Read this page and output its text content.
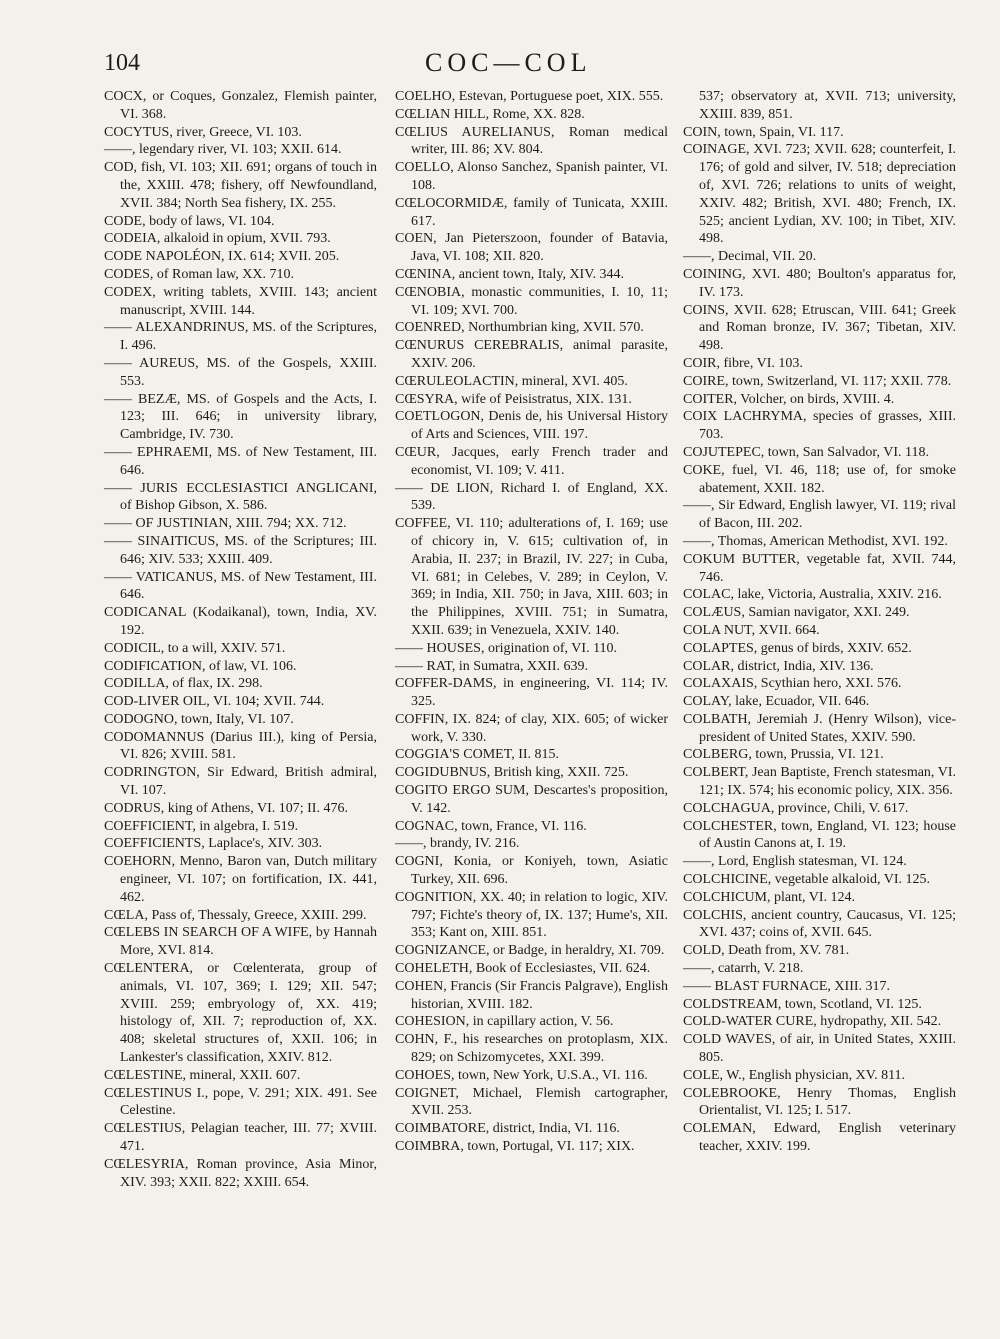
104	COC—COL

COCX, or Coques, Gonzalez, Flemish painter, VI. 368.

COCYTUS, river, Greece, VI. 103.

——, legendary river, VI. 103; XXII. 614.

COD, fish, VI. 103; XII. 691; organs of touch in the, XXIII. 478; fishery, off Newfoundland, XVII. 384; North Sea fishery, IX. 255.

CODE, body of laws, VI. 104.

CODEIA, alkaloid in opium, XVII. 793.

CODE NAPOLÉON, IX. 614; XVII. 205.

CODES, of Roman law, XX. 710.

CODEX, writing tablets, XVIII. 143; ancient manuscript, XVIII. 144.

—— ALEXANDRINUS, MS. of the Scriptures, I. 496.

—— AUREUS, MS. of the Gospels, XXIII. 553.

—— BEZÆ, MS. of Gospels and the Acts, I. 123; III. 646; in university library, Cambridge, IV. 730.

—— EPHRAEMI, MS. of New Testament, III. 646.

—— JURIS ECCLESIASTICI ANGLICANI, of Bishop Gibson, X. 586.

—— OF JUSTINIAN, XIII. 794; XX. 712.

—— SINAITICUS, MS. of the Scriptures; III. 646; XIV. 533; XXIII. 409.

—— VATICANUS, MS. of New Testament, III. 646.

CODICANAL (Kodaikanal), town, India, XV. 192.

CODICIL, to a will, XXIV. 571.

CODIFICATION, of law, VI. 106.

CODILLA, of flax, IX. 298.

COD-LIVER OIL, VI. 104; XVII. 744.

CODOGNO, town, Italy, VI. 107.

CODOMANNUS (Darius III.), king of Persia, VI. 826; XVIII. 581.

CODRINGTON, Sir Edward, British admiral, VI. 107.

CODRUS, king of Athens, VI. 107; II. 476.

COEFFICIENT, in algebra, I. 519.

COEFFICIENTS, Laplace's, XIV. 303.

COEHORN, Menno, Baron van, Dutch military engineer, VI. 107; on fortification, IX. 441, 462.

CŒLA, Pass of, Thessaly, Greece, XXIII. 299.

CŒLEBS IN SEARCH OF A WIFE, by Hannah More, XVI. 814.

CŒLENTERA, or Cœlenterata, group of animals, VI. 107, 369; I. 129; XII. 547; XVIII. 259; embryology of, XX. 419; histology of, XII. 7; reproduction of, XX. 408; skeletal structures of, XXII. 106; in Lankester's classification, XXIV. 812.

CŒLESTINE, mineral, XXII. 607.

CŒLESTINUS I., pope, V. 291; XIX. 491. See Celestine.

CŒLESTIUS, Pelagian teacher, III. 77; XVIII. 471.

CŒLESYRIA, Roman province, Asia Minor, XIV. 393; XXII. 822; XXIII. 654.

COELHO, Estevan, Portuguese poet, XIX. 555.

CŒLIAN HILL, Rome, XX. 828.

CŒLIUS AURELIANUS, Roman medical writer, III. 86; XV. 804.

COELLO, Alonso Sanchez, Spanish painter, VI. 108.

CŒLOCORMIDÆ, family of Tunicata, XXIII. 617.

COEN, Jan Pieterszoon, founder of Batavia, Java, VI. 108; XII. 820.

CŒNINA, ancient town, Italy, XIV. 344.

CŒNOBIA, monastic communities, I. 10, 11; VI. 109; XVI. 700.

COENRED, Northumbrian king, XVII. 570.

CŒNURUS CEREBRALIS, animal parasite, XXIV. 206.

CŒRULEOLACTIN, mineral, XVI. 405.

CŒSYRA, wife of Peisistratus, XIX. 131.

COETLOGON, Denis de, his Universal History of Arts and Sciences, VIII. 197.

CŒUR, Jacques, early French trader and economist, VI. 109; V. 411.

—— DE LION, Richard I. of England, XX. 539.

COFFEE, VI. 110; adulterations of, I. 169; use of chicory in, V. 615; cultivation of, in Arabia, II. 237; in Brazil, IV. 227; in Cuba, VI. 681; in Celebes, V. 289; in Ceylon, V. 369; in India, XII. 750; in Java, XIII. 603; in the Philippines, XVIII. 751; in Sumatra, XXII. 639; in Venezuela, XXIV. 140.

—— HOUSES, origination of, VI. 110.

—— RAT, in Sumatra, XXII. 639.

COFFER-DAMS, in engineering, VI. 114; IV. 325.

COFFIN, IX. 824; of clay, XIX. 605; of wicker work, V. 330.

COGGIA'S COMET, II. 815.

COGIDUBNUS, British king, XXII. 725.

COGITO ERGO SUM, Descartes's proposition, V. 142.

COGNAC, town, France, VI. 116.

——, brandy, IV. 216.

COGNI, Konia, or Koniyeh, town, Asiatic Turkey, XII. 696.

COGNITION, XX. 40; in relation to logic, XIV. 797; Fichte's theory of, IX. 137; Hume's, XII. 353; Kant on, XIII. 851.

COGNIZANCE, or Badge, in heraldry, XI. 709.

COHELETH, Book of Ecclesiastes, VII. 624.

COHEN, Francis (Sir Francis Palgrave), English historian, XVIII. 182.

COHESION, in capillary action, V. 56.

COHN, F., his researches on protoplasm, XIX. 829; on Schizomycetes, XXI. 399.

COHOES, town, New York, U.S.A., VI. 116.

COIGNET, Michael, Flemish cartographer, XVII. 253.

COIMBATORE, district, India, VI. 116.

COIMBRA, town, Portugal, VI. 117; XIX.

537; observatory at, XVII. 713; university, XXIII. 839, 851.

COIN, town, Spain, VI. 117.

COINAGE, XVI. 723; XVII. 628; counterfeit, I. 176; of gold and silver, IV. 518; depreciation of, XVI. 726; relations to units of weight, XXIV. 482; British, XVI. 480; French, IX. 525; ancient Lydian, XV. 100; in Tibet, XIV. 498.

——, Decimal, VII. 20.

COINING, XVI. 480; Boulton's apparatus for, IV. 173.

COINS, XVII. 628; Etruscan, VIII. 641; Greek and Roman bronze, IV. 367; Tibetan, XIV. 498.

COIR, fibre, VI. 103.

COIRE, town, Switzerland, VI. 117; XXII. 778.

COITER, Volcher, on birds, XVIII. 4.

COIX LACHRYMA, species of grasses, XIII. 703.

COJUTEPEC, town, San Salvador, VI. 118.

COKE, fuel, VI. 46, 118; use of, for smoke abatement, XXII. 182.

——, Sir Edward, English lawyer, VI. 119; rival of Bacon, III. 202.

——, Thomas, American Methodist, XVI. 192.

COKUM BUTTER, vegetable fat, XVII. 744, 746.

COLAC, lake, Victoria, Australia, XXIV. 216.

COLÆUS, Samian navigator, XXI. 249.

COLA NUT, XVII. 664.

COLAPTES, genus of birds, XXIV. 652.

COLAR, district, India, XIV. 136.

COLAXAIS, Scythian hero, XXI. 576.

COLAY, lake, Ecuador, VII. 646.

COLBATH, Jeremiah J. (Henry Wilson), vice-president of United States, XXIV. 590.

COLBERG, town, Prussia, VI. 121.

COLBERT, Jean Baptiste, French statesman, VI. 121; IX. 574; his economic policy, XIX. 356.

COLCHAGUA, province, Chili, V. 617.

COLCHESTER, town, England, VI. 123; house of Austin Canons at, I. 19.

——, Lord, English statesman, VI. 124.

COLCHICINE, vegetable alkaloid, VI. 125.

COLCHICUM, plant, VI. 124.

COLCHIS, ancient country, Caucasus, VI. 125; XVI. 437; coins of, XVII. 645.

COLD, Death from, XV. 781.

——, catarrh, V. 218.

—— BLAST FURNACE, XIII. 317.

COLDSTREAM, town, Scotland, VI. 125.

COLD-WATER CURE, hydropathy, XII. 542.

COLD WAVES, of air, in United States, XXIII. 805.

COLE, W., English physician, XV. 811.

COLEBROOKE, Henry Thomas, English Orientalist, VI. 125; I. 517.

COLEMAN, Edward, English veterinary teacher, XXIV. 199.
